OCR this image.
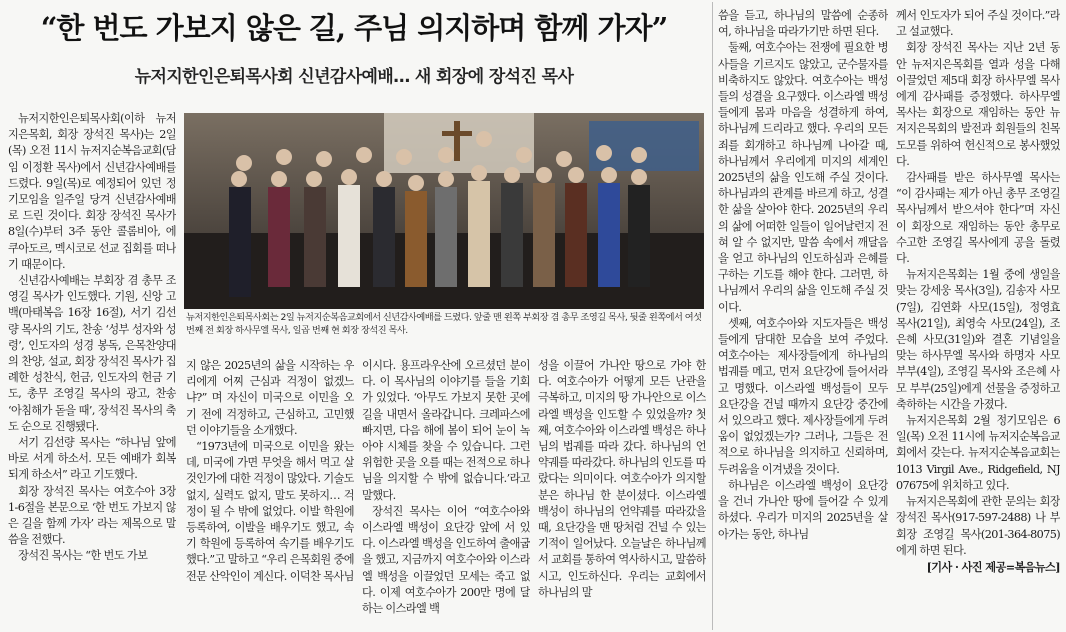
“한 번도 가보지 않은 길, 주님 의지하며 함께 가자”
뉴저지한인은퇴목사회 신년감사예배… 새 회장에 장석진 목사

뉴저지한인은퇴목사회(이하 뉴저지은목회, 회장 장석진 목사)는 2일(목) 오전 11시 뉴저지순복음교회(담임 이정환 목사)에서 신년감사예배를 드렸다. 9일(목)로 예정되어 있던 정기모임을 일주일 당겨 신년감사예배로 드린 것이다. 회장 장석진 목사가 8일(수)부터 3주 동안 콜롬비아, 에쿠아도르, 멕시코로 선교 집회를 떠나기 때문이다.

신년감사예배는 부회장 겸 총무 조영길 목사가 인도했다. 기원, 신앙 고백(마태복음 16장 16절), 서기 김선량 목사의 기도, 찬송 ‘성부 성자와 성령’, 인도자의 성경 봉독, 은목찬양대의 찬양, 설교, 회장 장석진 목사가 집례한 성찬식, 헌금, 인도자의 헌금 기도, 총무 조영길 목사의 광고, 찬송 ‘아침해가 돋을 때’, 장석진 목사의 축도 순으로 진행됐다.

서기 김선량 목사는 “하나님 앞에 바로 서게 하소서. 모든 예배가 회복되게 하소서” 라고 기도했다.

회장 장석진 목사는 여호수아 3장 1-6절을 본문으로 ‘한 번도 가보지 않은 길을 함께 가자’ 라는 제목으로 말씀을 전했다.

장석진 목사는 “한 번도 가보

뉴저지한인은퇴목사회는 2일 뉴저지순복음교회에서 신년감사예배를 드렸다. 앞줄 맨 왼쪽 부회장 겸 총무 조영길 목사, 뒷줄 왼쪽에서 여섯 번째 전 회장 하사무엘 목사, 일곱 번째 현 회장 장석진 목사.

지 않은 2025년의 삶을 시작하는 우리에게 어찌 근심과 걱정이 없겠느냐?” 며 자신이 미국으로 이민을 오기 전에 걱정하고, 근심하고, 고민했던 이야기들을 소개했다.

“1973년에 미국으로 이민을 왔는데, 미국에 가면 무엇을 해서 먹고 살 것인가에 대한 걱정이 많았다. 기술도 없지, 실력도 없지, 말도 못하지… 걱정이 될 수 밖에 없었다. 이발 학원에 등록하여, 이발을 배우기도 했고, 속기 학원에 등록하여 속기를 배우기도 했다.”고 말하고 “우리 은목회원 중에 전문 산악인이 계신다. 이덕찬 목사님

이시다. 용프라우산에 오르셨던 분이다. 이 목사님의 이야기를 들을 기회가 있었다. ‘아무도 가보지 못한 곳에 길을 내면서 올라갑니다. 크레파스에 빠지면, 다음 해에 봄이 되어 눈이 녹아야 시체를 찾을 수 있습니다. 그런 위험한 곳을 오를 때는 전적으로 하나님을 의지할 수 밖에 없습니다.’라고 말했다.

장석진 목사는 이어 “여호수아와 이스라엘 백성이 요단강 앞에 서 있다. 이스라엘 백성을 인도하여 출애굽을 했고, 지금까지 여호수아와 이스라엘 백성을 이끌었던 모세는 죽고 없다. 이제 여호수아가 200만 명에 달하는 이스라엘 백

성을 이끌어 가나안 땅으로 가야 한다. 여호수아가 어떻게 모든 난관을 극복하고, 미지의 땅 가나안으로 이스라엘 백성을 인도할 수 있었을까? 첫째, 여호수아와 이스라엘 백성은 하나님의 법궤를 따라 갔다. 하나님의 언약궤를 따라갔다. 하나님의 인도를 따랐다는 의미이다. 여호수아가 의지할 분은 하나님 한 분이셨다. 이스라엘 백성이 하나님의 언약궤를 따라갔을 때, 요단강을 맨 땅처럼 건널 수 있는 기적이 일어났다. 오늘날은 하나님께서 교회를 통하여 역사하시고, 말씀하시고, 인도하신다. 우리는 교회에서 하나님의 말

씀을 듣고, 하나님의 말씀에 순종하여, 하나님을 따라가기만 하면 된다.

둘째, 여호수아는 전쟁에 필요한 병사들을 기르지도 않았고, 군수물자를 비축하지도 않았다. 여호수아는 백성들의 성결을 요구했다. 이스라엘 백성들에게 몸과 마음을 성결하게 하여, 하나님께 드리라고 했다. 우리의 모든 죄를 회개하고 하나님께 나아갈 때, 하나님께서 우리에게 미지의 세계인 2025년의 삶을 인도해 주실 것이다. 하나님과의 관계를 바르게 하고, 성결한 삶을 살아야 한다. 2025년의 우리의 삶에 어떠한 일들이 일어날런지 전혀 알 수 없지만, 말씀 속에서 깨달음을 얻고 하나님의 인도하심과 은혜를 구하는 기도를 해야 한다. 그러면, 하나님께서 우리의 삶을 인도해 주실 것이다.

셋째, 여호수아와 지도자들은 백성들에게 담대한 모습을 보여 주었다. 여호수아는 제사장들에게 하나님의 법궤를 메고, 먼저 요단강에 들어서라고 명했다. 이스라엘 백성들이 모두 요단강을 건널 때까지 요단강 중간에 서 있으라고 했다. 제사장들에게 두려움이 없었겠는가? 그러나, 그들은 전적으로 하나님을 의지하고 신뢰하며, 두려움을 이겨냈을 것이다.

하나님은 이스라엘 백성이 요단강을 건너 가나안 땅에 들어갈 수 있게 하셨다. 우리가 미지의 2025년을 살아가는 동안, 하나님

께서 인도자가 되어 주실 것이다.”라고 설교했다.

회장 장석진 목사는 지난 2년 동안 뉴저지은목회를 열과 성을 다해 이끌었던 제5대 회장 하사무엘 목사에게 감사패를 증정했다. 하사무엘 목사는 회장으로 재임하는 동안 뉴저지은목회의 발전과 회원들의 친목도모를 위하여 헌신적으로 봉사했었다.

감사패를 받은 하사무엘 목사는 “이 감사패는 제가 아닌 총무 조영길 목사님께서 받으셔야 한다”며 자신이 회장으로 재임하는 동안 총무로 수고한 조영길 목사에게 공을 돌렸다.

뉴저지은목회는 1월 중에 생일을 맞는 강세웅 목사(3일), 김송자 사모(7일), 김연화 사모(15일), 정영효 목사(21일), 최영숙 사모(24일), 조은혜 사모(31일)와 결혼 기념일을 맞는 하사무엘 목사와 하명자 사모 부부(4일), 조영길 목사와 조은혜 사모 부부(25일)에게 선물을 증정하고 축하하는 시간을 가졌다.

뉴저지은목회 2월 정기모임은 6일(목) 오전 11시에 뉴저지순복음교회에서 갖는다. 뉴저지순복음교회는 1013 Virgil Ave., Ridgefield, NJ 07675에 위치하고 있다.

뉴저지은목회에 관한 문의는 회장 장석진 목사(917-597-2488) 나 부회장 조영길 목사(201-364-8075)에게 하면 된다.

[기사 · 사진 제공=복음뉴스]
